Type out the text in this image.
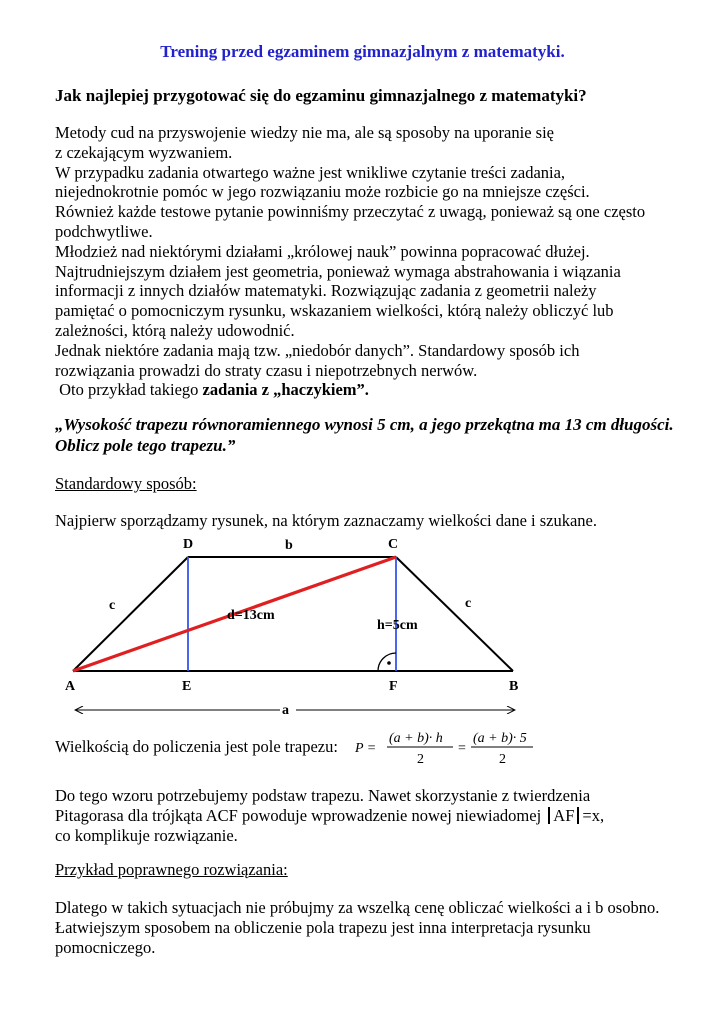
Trening przed egzaminem gimnazjalnym z matematyki.
Jak najlepiej przygotować się do egzaminu gimnazjalnego z matematyki?

Metody cud na przyswojenie wiedzy nie ma, ale są sposoby na uporanie się
z czekającym wyzwaniem.
W przypadku zadania otwartego ważne jest wnikliwe czytanie treści zadania,
niejednokrotnie pomóc w jego rozwiązaniu może rozbicie go na mniejsze części.
Również każde testowe pytanie powinniśmy przeczytać z uwagą, ponieważ są one często
podchwytliwe.
Młodzież nad niektórymi działami „królowej nauk” powinna popracować dłużej.
Najtrudniejszym działem jest geometria, ponieważ wymaga abstrahowania i wiązania
informacji z innych działów matematyki. Rozwiązując zadania z geometrii należy
pamiętać o pomocniczym rysunku, wskazaniem wielkości, którą należy obliczyć lub
zależności, którą należy udowodnić.
Jednak niektóre zadania mają tzw. „niedobór danych”. Standardowy sposób ich
rozwiązania prowadzi do straty czasu i niepotrzebnych nerwów.
Oto przykład takiego zadania z „haczykiem”.

„Wysokość trapezu równoramiennego wynosi 5 cm, a jego przekątna ma 13 cm długości.
Oblicz pole tego trapezu.”

Standardowy sposób:

Najpierw sporządzamy rysunek, na którym zaznaczamy wielkości dane i szukane.

D	C
A	E	F	B
b
c	c
a
d=13cm
h=5cm
Wielkością do policzenia jest pole trapezu: P =
(a + b)· h
2
=
(a + b)· 5
2

Do tego wzoru potrzebujemy podstaw trapezu. Nawet skorzystanie z twierdzenia
Pitagorasa dla trójkąta ACF powoduje wprowadzenie nowej niewiadomej AF =x,
co komplikuje rozwiązanie.

Przykład poprawnego rozwiązania:

Dlatego w takich sytuacjach nie próbujmy za wszelką cenę obliczać wielkości a i b osobno.
Łatwiejszym sposobem na obliczenie pola trapezu jest inna interpretacja rysunku
pomocniczego.
